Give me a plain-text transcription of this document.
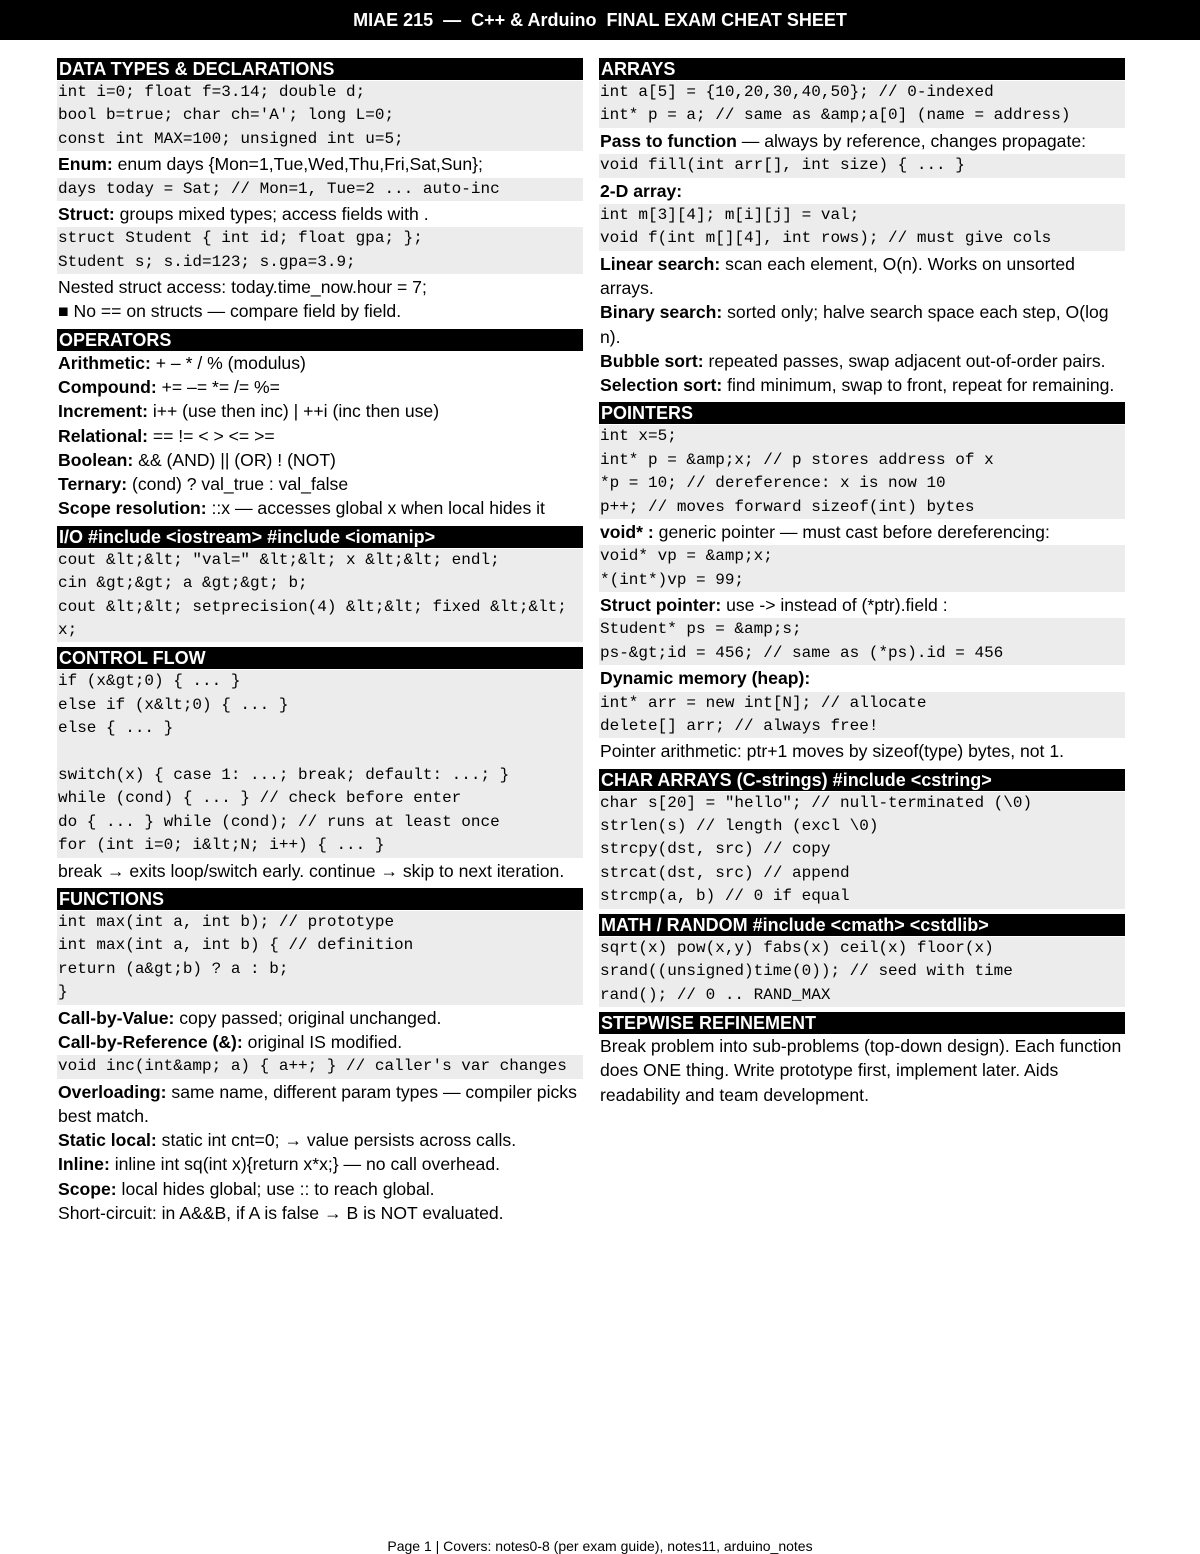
MIAE 215  —  C++ & Arduino  FINAL EXAM CHEAT SHEET
DATA TYPES & DECLARATIONS
int i=0; float f=3.14; double d;
bool b=true; char ch='A'; long L=0;
const int MAX=100; unsigned int u=5;
Enum: enum days {Mon=1,Tue,Wed,Thu,Fri,Sat,Sun};
days today = Sat; // Mon=1, Tue=2 ... auto-inc
Struct: groups mixed types; access fields with .
struct Student { int id; float gpa; };
Student s; s.id=123; s.gpa=3.9;
Nested struct access: today.time_now.hour = 7;
■ No == on structs — compare field by field.
OPERATORS
Arithmetic: + – * / % (modulus)
Compound: += –= *= /= %=
Increment: i++ (use then inc) | ++i (inc then use)
Relational: == != < > <= >=
Boolean: && (AND) || (OR) ! (NOT)
Ternary: (cond) ? val_true : val_false
Scope resolution: ::x — accesses global x when local hides it
I/O #include <iostream> #include <iomanip>
cout &lt;&lt; "val=" &lt;&lt; x &lt;&lt; endl;
cin &gt;&gt; a &gt;&gt; b;
cout &lt;&lt; setprecision(4) &lt;&lt; fixed &lt;&lt; x;
CONTROL FLOW
if (x&gt;0) { ... }
else if (x&lt;0) { ... }
else { ... }

switch(x) { case 1: ...; break; default: ...; }
while (cond) { ... } // check before enter
do { ... } while (cond); // runs at least once
for (int i=0; i&lt;N; i++) { ... }
break → exits loop/switch early. continue → skip to next iteration.
FUNCTIONS
int max(int a, int b); // prototype
int max(int a, int b) { // definition
return (a&gt;b) ? a : b;
}
Call-by-Value: copy passed; original unchanged.
Call-by-Reference (&): original IS modified.
void inc(int&amp; a) { a++; } // caller's var changes
Overloading: same name, different param types — compiler picks best match.
Static local: static int cnt=0; → value persists across calls.
Inline: inline int sq(int x){return x*x;} — no call overhead.
Scope: local hides global; use :: to reach global.
Short-circuit: in A&&B, if A is false → B is NOT evaluated.
ARRAYS
int a[5] = {10,20,30,40,50}; // 0-indexed
int* p = a; // same as &amp;a[0] (name = address)
Pass to function — always by reference, changes propagate:
void fill(int arr[], int size) { ... }
2-D array:
int m[3][4]; m[i][j] = val;
void f(int m[][4], int rows); // must give cols
Linear search: scan each element, O(n). Works on unsorted arrays.
Binary search: sorted only; halve search space each step, O(log n).
Bubble sort: repeated passes, swap adjacent out-of-order pairs.
Selection sort: find minimum, swap to front, repeat for remaining.
POINTERS
int x=5;
int* p = &amp;x; // p stores address of x
*p = 10; // dereference: x is now 10
p++; // moves forward sizeof(int) bytes
void* : generic pointer — must cast before dereferencing:
void* vp = &amp;x;
*(int*)vp = 99;
Struct pointer: use -> instead of (*ptr).field :
Student* ps = &amp;s;
ps-&gt;id = 456; // same as (*ps).id = 456
Dynamic memory (heap):
int* arr = new int[N]; // allocate
delete[] arr; // always free!
Pointer arithmetic: ptr+1 moves by sizeof(type) bytes, not 1.
CHAR ARRAYS (C-strings) #include <cstring>
char s[20] = "hello"; // null-terminated (\0)
strlen(s) // length (excl \0)
strcpy(dst, src) // copy
strcat(dst, src) // append
strcmp(a, b) // 0 if equal
MATH / RANDOM #include <cmath> <cstdlib>
sqrt(x) pow(x,y) fabs(x) ceil(x) floor(x)
srand((unsigned)time(0)); // seed with time
rand(); // 0 .. RAND_MAX
STEPWISE REFINEMENT
Break problem into sub-problems (top-down design). Each function does ONE thing. Write prototype first, implement later. Aids readability and team development.
Page 1 | Covers: notes0-8 (per exam guide), notes11, arduino_notes
